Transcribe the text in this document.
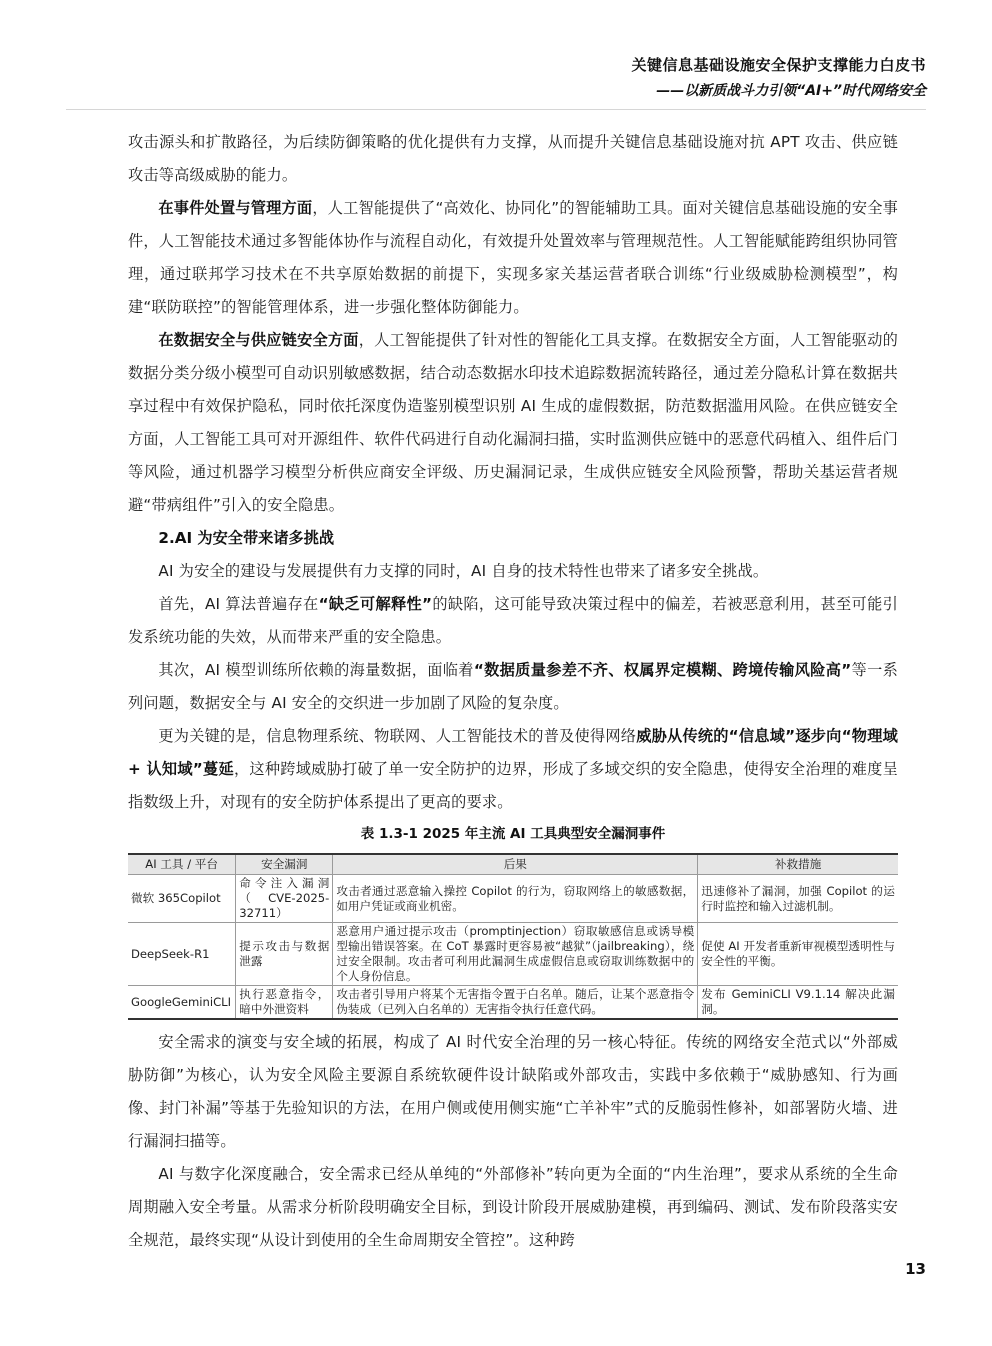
关键信息基础设施安全保护支撑能力白皮书
——以新质战斗力引领“AI+”时代网络安全
攻击源头和扩散路径，为后续防御策略的优化提供有力支撑，从而提升关键信息基础设施对抗 APT 攻击、供应链攻击等高级威胁的能力。
在事件处置与管理方面，人工智能提供了“高效化、协同化”的智能辅助工具。面对关键信息基础设施的安全事件，人工智能技术通过多智能体协作与流程自动化，有效提升处置效率与管理规范性。人工智能赋能跨组织协同管理，通过联邦学习技术在不共享原始数据的前提下，实现多家关基运营者联合训练“行业级威胁检测模型”，构建“联防联控”的智能管理体系，进一步强化整体防御能力。
在数据安全与供应链安全方面，人工智能提供了针对性的智能化工具支撑。在数据安全方面，人工智能驱动的数据分类分级小模型可自动识别敏感数据，结合动态数据水印技术追踪数据流转路径，通过差分隐私计算在数据共享过程中有效保护隐私，同时依托深度伪造鉴别模型识别 AI 生成的虚假数据，防范数据滥用风险。在供应链安全方面，人工智能工具可对开源组件、软件代码进行自动化漏洞扫描，实时监测供应链中的恶意代码植入、组件后门等风险，通过机器学习模型分析供应商安全评级、历史漏洞记录，生成供应链安全风险预警，帮助关基运营者规避“带病组件”引入的安全隐患。
2.AI 为安全带来诸多挑战
AI 为安全的建设与发展提供有力支撑的同时，AI 自身的技术特性也带来了诸多安全挑战。
首先，AI 算法普遍存在“缺乏可解释性”的缺陷，这可能导致决策过程中的偏差，若被恶意利用，甚至可能引发系统功能的失效，从而带来严重的安全隐患。
其次，AI 模型训练所依赖的海量数据，面临着“数据质量参差不齐、权属界定模糊、跨境传输风险高”等一系列问题，数据安全与 AI 安全的交织进一步加剧了风险的复杂度。
更为关键的是，信息物理系统、物联网、人工智能技术的普及使得网络威胁从传统的“信息域”逐步向“物理域 + 认知域”蔓延，这种跨域威胁打破了单一安全防护的边界，形成了多域交织的安全隐患，使得安全治理的难度呈指数级上升，对现有的安全防护体系提出了更高的要求。
表 1.3-1 2025 年主流 AI 工具典型安全漏洞事件
AI 工具 / 平台	安全漏洞	后果	补救措施
微软 365Copilot	命令注入漏洞（CVE-2025-32711）	攻击者通过恶意输入操控 Copilot 的行为，窃取网络上的敏感数据，如用户凭证或商业机密。	迅速修补了漏洞，加强 Copilot 的运行时监控和输入过滤机制。
DeepSeek-R1	提示攻击与数据泄露	恶意用户通过提示攻击（promptinjection）窃取敏感信息或诱导模型输出错误答案。在 CoT 暴露时更容易被“越狱”（jailbreaking），绕过安全限制。攻击者可利用此漏洞生成虚假信息或窃取训练数据中的个人身份信息。	促使 AI 开发者重新审视模型透明性与安全性的平衡。
GoogleGeminiCLI	执行恶意指令，暗中外泄资料	攻击者引导用户将某个无害指令置于白名单。随后，让某个恶意指令伪装成（已列入白名单的）无害指令执行任意代码。	发布 GeminiCLI V9.1.14 解决此漏洞。
安全需求的演变与安全域的拓展，构成了 AI 时代安全治理的另一核心特征。传统的网络安全范式以“外部威胁防御”为核心，认为安全风险主要源自系统软硬件设计缺陷或外部攻击，实践中多依赖于“威胁感知、行为画像、封门补漏”等基于先验知识的方法，在用户侧或使用侧实施“亡羊补牢”式的反脆弱性修补，如部署防火墙、进行漏洞扫描等。
AI 与数字化深度融合，安全需求已经从单纯的“外部修补”转向更为全面的“内生治理”，要求从系统的全生命周期融入安全考量。从需求分析阶段明确安全目标，到设计阶段开展威胁建模，再到编码、测试、发布阶段落实安全规范，最终实现“从设计到使用的全生命周期安全管控”。这种跨
13
